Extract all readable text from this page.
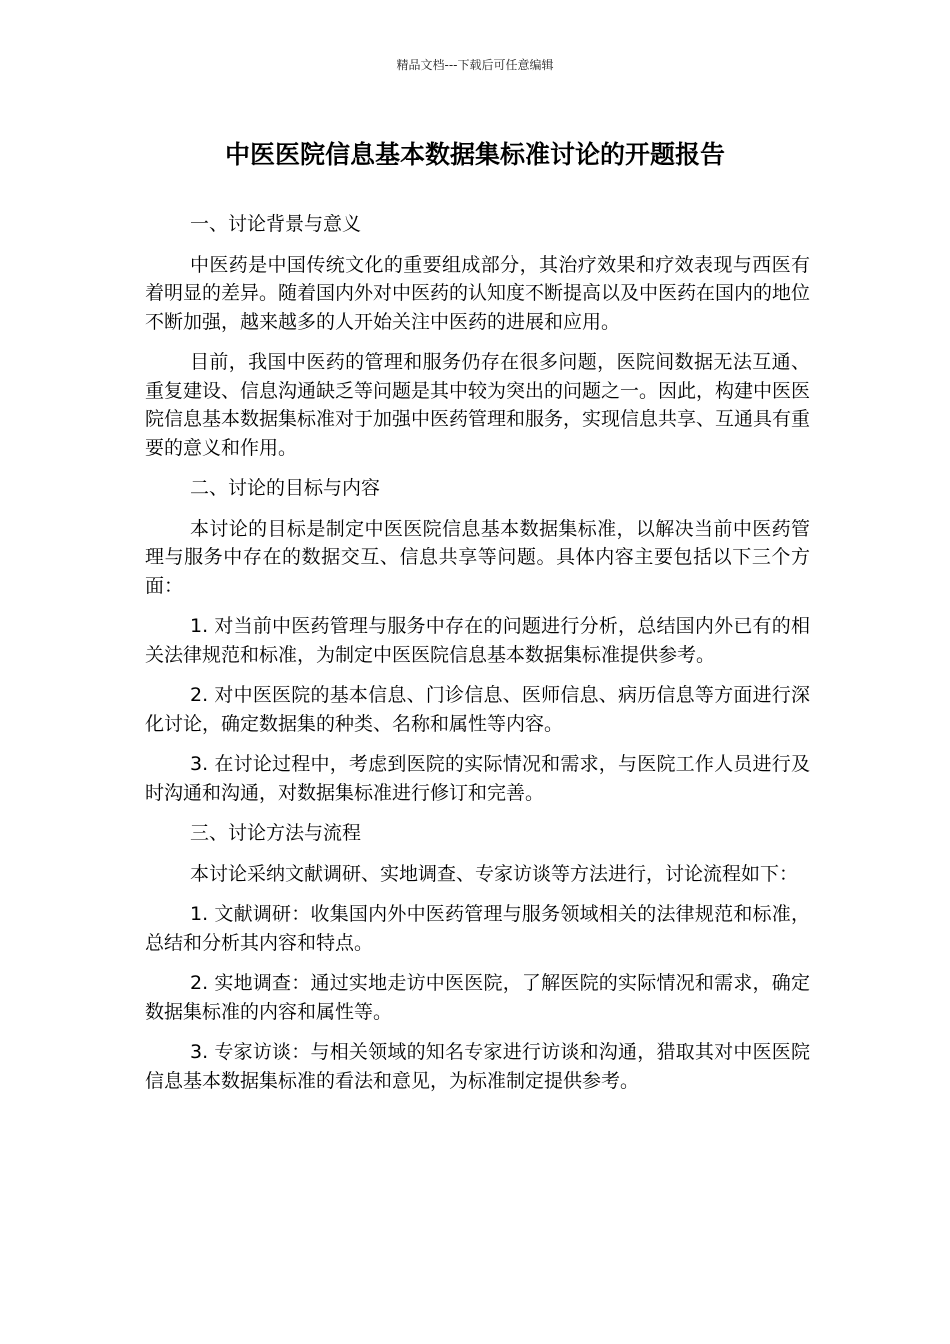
精品文档---下载后可任意编辑
中医医院信息基本数据集标准讨论的开题报告

一、讨论背景与意义

中医药是中国传统文化的重要组成部分，其治疗效果和疗效表现与西医有着明显的差异。随着国内外对中医药的认知度不断提高以及中医药在国内的地位不断加强，越来越多的人开始关注中医药的进展和应用。

目前，我国中医药的管理和服务仍存在很多问题，医院间数据无法互通、重复建设、信息沟通缺乏等问题是其中较为突出的问题之一。因此，构建中医医院信息基本数据集标准对于加强中医药管理和服务，实现信息共享、互通具有重要的意义和作用。

二、讨论的目标与内容

本讨论的目标是制定中医医院信息基本数据集标准，以解决当前中医药管理与服务中存在的数据交互、信息共享等问题。具体内容主要包括以下三个方面：

1. 对当前中医药管理与服务中存在的问题进行分析，总结国内外已有的相关法律规范和标准，为制定中医医院信息基本数据集标准提供参考。

2. 对中医医院的基本信息、门诊信息、医师信息、病历信息等方面进行深化讨论，确定数据集的种类、名称和属性等内容。

3. 在讨论过程中，考虑到医院的实际情况和需求，与医院工作人员进行及时沟通和沟通，对数据集标准进行修订和完善。

三、讨论方法与流程

本讨论采纳文献调研、实地调查、专家访谈等方法进行，讨论流程如下：

1. 文献调研：收集国内外中医药管理与服务领域相关的法律规范和标准，总结和分析其内容和特点。

2. 实地调查：通过实地走访中医医院，了解医院的实际情况和需求，确定数据集标准的内容和属性等。

3. 专家访谈：与相关领域的知名专家进行访谈和沟通，猎取其对中医医院信息基本数据集标准的看法和意见，为标准制定提供参考。
